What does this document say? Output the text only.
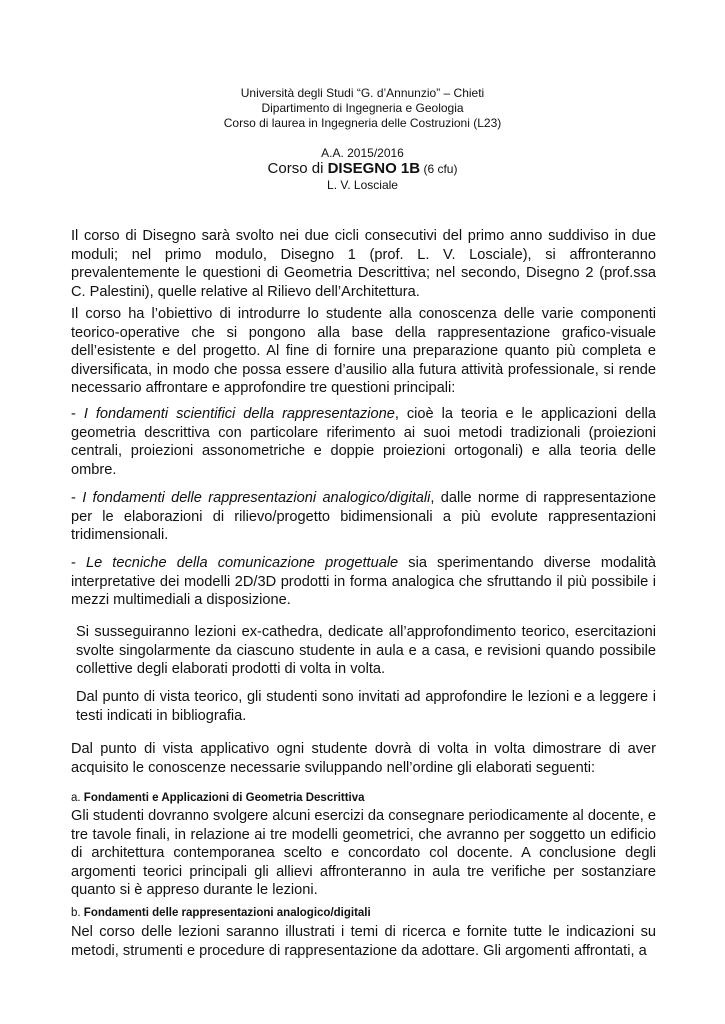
Università degli Studi “G. d’Annunzio” – Chieti
Dipartimento di Ingegneria e Geologia
Corso di laurea in Ingegneria delle Costruzioni (L23)
A.A. 2015/2016
Corso di DISEGNO 1B (6 cfu)
L. V. Losciale
Il corso di Disegno sarà svolto nei due cicli consecutivi del primo anno suddiviso in due moduli; nel primo modulo, Disegno 1 (prof. L. V. Losciale), si affronteranno prevalentemente le questioni di Geometria Descrittiva; nel secondo, Disegno 2 (prof.ssa C. Palestini), quelle relative al Rilievo dell’Architettura.
Il corso ha l’obiettivo di introdurre lo studente alla conoscenza delle varie componenti teorico-operative che si pongono alla base della rappresentazione grafico-visuale dell’esistente e del progetto. Al fine di fornire una preparazione quanto più completa e diversificata, in modo che possa essere d’ausilio alla futura attività professionale, si rende necessario affrontare e approfondire tre questioni principali:
- I fondamenti scientifici della rappresentazione, cioè la teoria e le applicazioni della geometria descrittiva con particolare riferimento ai suoi metodi tradizionali (proiezioni centrali, proiezioni assonometriche e doppie proiezioni ortogonali) e alla teoria delle ombre.
- I fondamenti delle rappresentazioni analogico/digitali, dalle norme di rappresentazione per le elaborazioni di rilievo/progetto bidimensionali a più evolute rappresentazioni tridimensionali.
- Le tecniche della comunicazione progettuale sia sperimentando diverse modalità interpretative dei modelli 2D/3D prodotti in forma analogica che sfruttando il più possibile i mezzi multimediali a disposizione.
Si susseguiranno lezioni ex-cathedra, dedicate all’approfondimento teorico, esercitazioni svolte singolarmente da ciascuno studente in aula e a casa, e revisioni quando possibile collettive degli elaborati prodotti di volta in volta.
Dal punto di vista teorico, gli studenti sono invitati ad approfondire le lezioni e a leggere i testi indicati in bibliografia.
Dal punto di vista applicativo ogni studente dovrà di volta in volta dimostrare di aver acquisito le conoscenze necessarie sviluppando nell’ordine gli elaborati seguenti:
a. Fondamenti e Applicazioni di Geometria Descrittiva
Gli studenti dovranno svolgere alcuni esercizi da consegnare periodicamente al docente, e tre tavole finali, in relazione ai tre modelli geometrici, che avranno per soggetto un edificio di architettura contemporanea scelto e concordato col docente. A conclusione degli argomenti teorici principali gli allievi affronteranno in aula tre verifiche per sostanziare quanto si è appreso durante le lezioni.
b. Fondamenti delle rappresentazioni analogico/digitali
Nel corso delle lezioni saranno illustrati i temi di ricerca e fornite tutte le indicazioni su metodi, strumenti e procedure di rappresentazione da adottare. Gli argomenti affrontati, a
